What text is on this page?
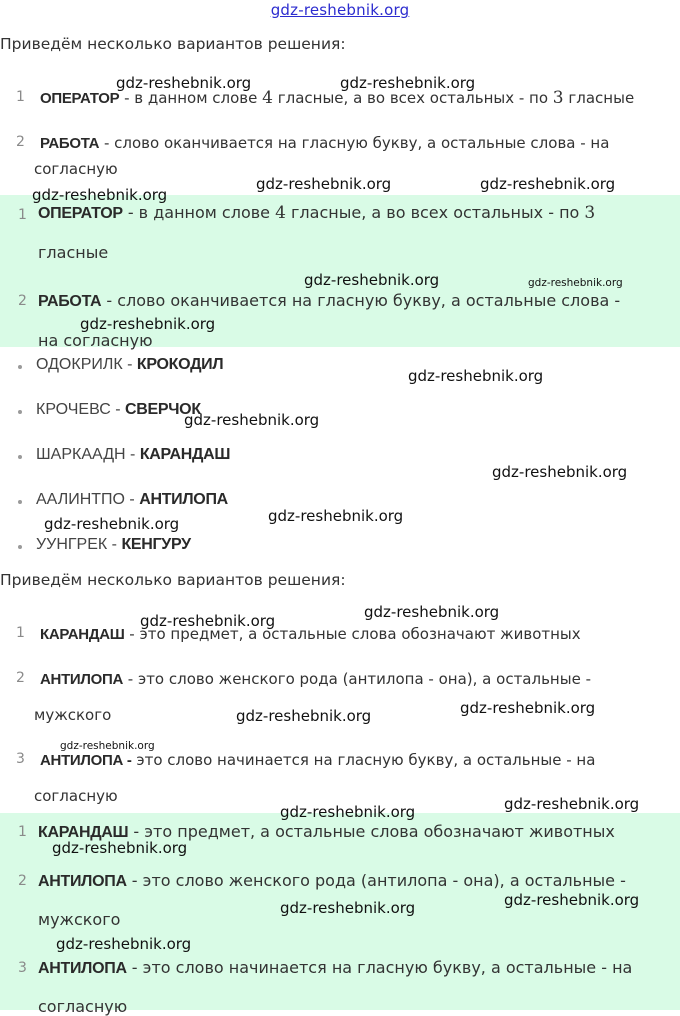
gdz-reshebnik.org
Приведём несколько вариантов решения:
1 ОПЕРАТОР - в данном слове 4 гласные, а во всех остальных - по 3 гласные
2 РАБОТА - слово оканчивается на гласную букву, а остальные слова - на
согласную
1 ОПЕРАТОР - в данном слове 4 гласные, а во всех остальных - по 3
гласные
2 РАБОТА - слово оканчивается на гласную букву, а остальные слова -
на согласную
ОДОКРИЛК - КРОКОДИЛ
КРОЧЕВС - СВЕРЧОК
ШАРКААДН - КАРАНДАШ
ААЛИНТПО - АНТИЛОПА
УУНГРЕК - КЕНГУРУ
Приведём несколько вариантов решения:
1 КАРАНДАШ - это предмет, а остальные слова обозначают животных
2 АНТИЛОПА - это слово женского рода (антилопа - она), а остальные -
мужского
3 АНТИЛОПА - это слово начинается на гласную букву, а остальные - на
согласную
1 КАРАНДАШ - это предмет, а остальные слова обозначают животных
2 АНТИЛОПА - это слово женского рода (антилопа - она), а остальные -
мужского
3 АНТИЛОПА - это слово начинается на гласную букву, а остальные - на
согласную
gdz-reshebnik.org	gdz-reshebnik.org
gdz-reshebnik.org	gdz-reshebnik.org
gdz-reshebnik.org
gdz-reshebnik.org	gdz-reshebnik.org
gdz-reshebnik.org
gdz-reshebnik.org
gdz-reshebnik.org
gdz-reshebnik.org
gdz-reshebnik.org
gdz-reshebnik.org
gdz-reshebnik.org
gdz-reshebnik.org
gdz-reshebnik.org
gdz-reshebnik.org
gdz-reshebnik.org
gdz-reshebnik.org
gdz-reshebnik.org
gdz-reshebnik.org
gdz-reshebnik.org
gdz-reshebnik.org
gdz-reshebnik.org
